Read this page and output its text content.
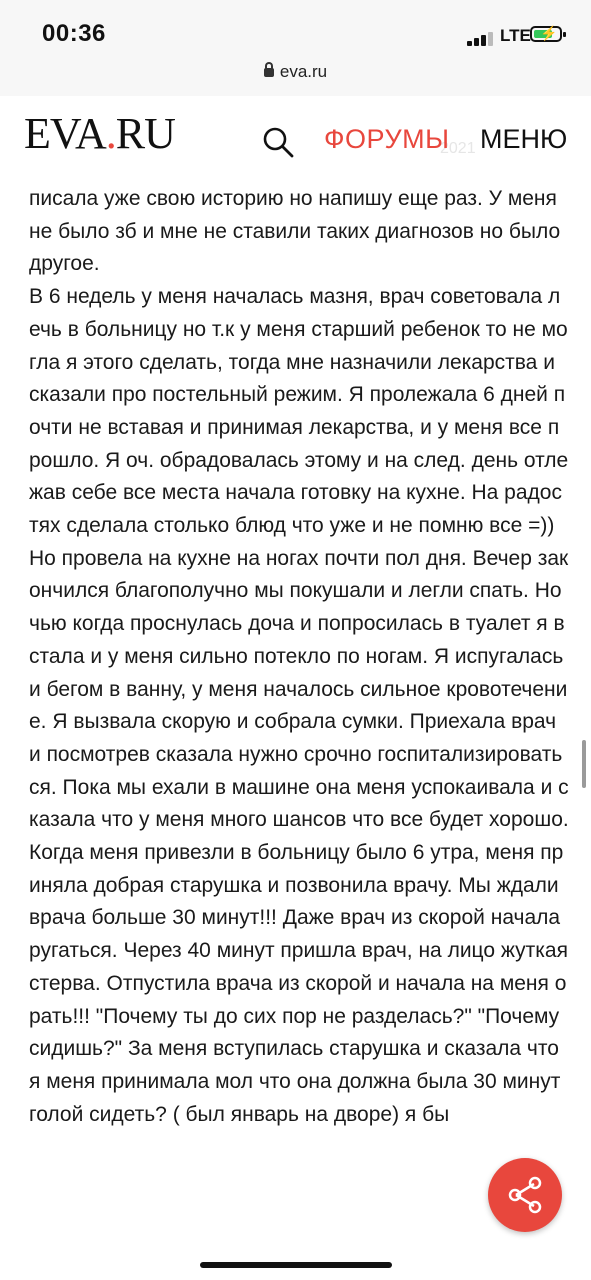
00:36	LTE ⚡
eva.ru
EVA.RU	2021
ФОРУМЫ МЕНЮ

писала уже свою историю но напишу еще раз. У меня не было зб и мне не ставили таких диагнозов но было другое.

В 6 недель у меня началась мазня, врач советовала лечь в больницу но т.к у меня старший ребенок то не могла я этого сделать, тогда мне назначили лекарства и сказали про постельный режим. Я пролежала 6 дней почти не вставая и принимая лекарства, и у меня все прошло. Я оч. обрадовалась этому и на след. день отлежав себе все места начала готовку на кухне. На радостях сделала столько блюд что уже и не помню все =)) Но провела на кухне на ногах почти пол дня. Вечер закончился благополучно мы покушали и легли спать. Ночью когда проснулась доча и попросилась в туалет я встала и у меня сильно потекло по ногам. Я испугалась и бегом в ванну, у меня началось сильное кровотечение. Я вызвала скорую и собрала сумки. Приехала врач и посмотрев сказала нужно срочно госпитализироваться. Пока мы ехали в машине она меня успокаивала и сказала что у меня много шансов что все будет хорошо. Когда меня привезли в больницу было 6 утра, меня приняла добрая старушка и позвонила врачу. Мы ждали врача больше 30 минут!!! Даже врач из скорой начала ругаться. Через 40 минут пришла врач, на лицо жуткая стерва. Отпустила врача из скорой и начала на меня орать!!! "Почему ты до сих пор не разделась?" "Почему сидишь?" За меня вступилась старушка и сказала что я меня принимала мол что она должна была 30 минут голой сидеть? ( был январь на дворе) я бы
